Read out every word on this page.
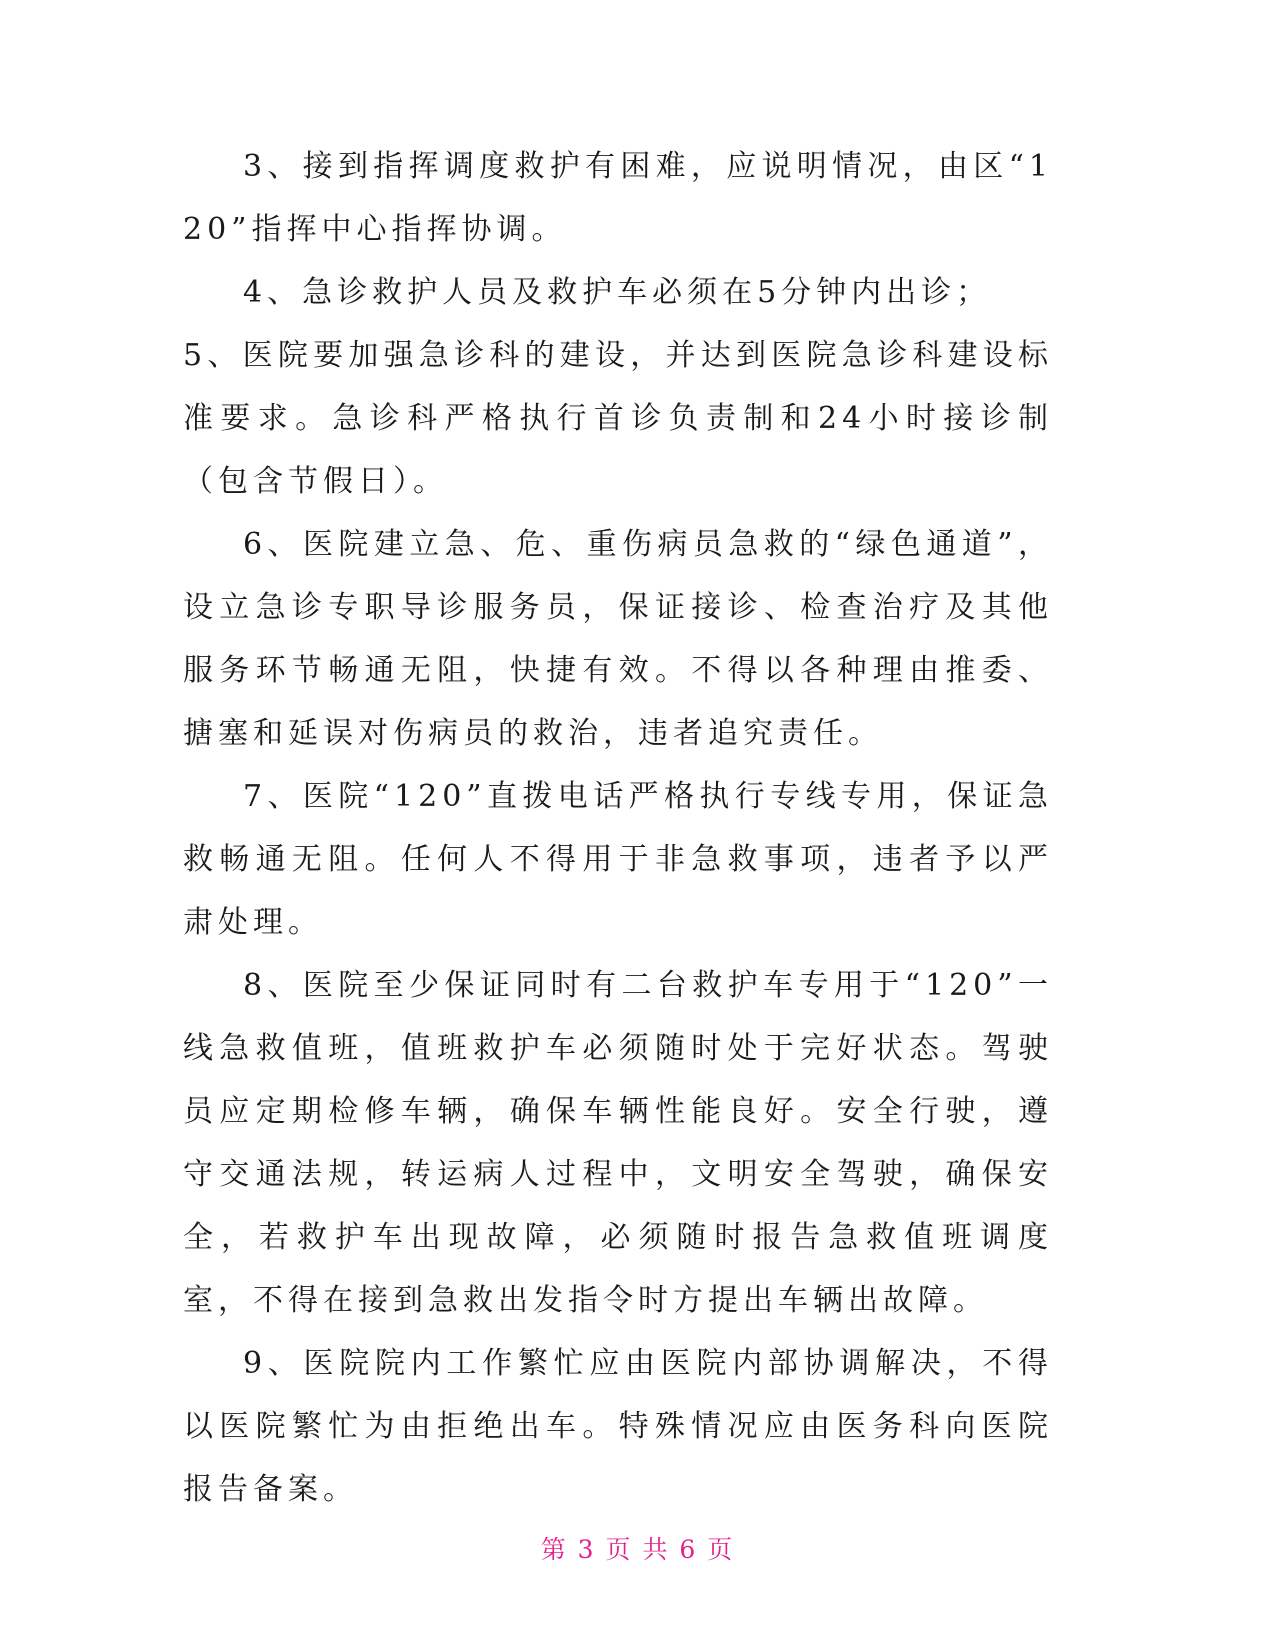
3、接到指挥调度救护有困难，应说明情况，由区“120”指挥中心指挥协调。

4、急诊救护人员及救护车必须在5分钟内出诊；

5、医院要加强急诊科的建设，并达到医院急诊科建设标准要求。急诊科严格执行首诊负责制和24小时接诊制（包含节假日）。

6、医院建立急、危、重伤病员急救的“绿色通道”，设立急诊专职导诊服务员，保证接诊、检查治疗及其他服务环节畅通无阻，快捷有效。不得以各种理由推委、搪塞和延误对伤病员的救治，违者追究责任。

7、医院“120”直拨电话严格执行专线专用，保证急救畅通无阻。任何人不得用于非急救事项，违者予以严肃处理。

8、医院至少保证同时有二台救护车专用于“120”一线急救值班，值班救护车必须随时处于完好状态。驾驶员应定期检修车辆，确保车辆性能良好。安全行驶，遵守交通法规，转运病人过程中，文明安全驾驶，确保安全，若救护车出现故障，必须随时报告急救值班调度室，不得在接到急救出发指令时方提出车辆出故障。

9、医院院内工作繁忙应由医院内部协调解决，不得以医院繁忙为由拒绝出车。特殊情况应由医务科向医院报告备案。

第 3 页 共 6 页
